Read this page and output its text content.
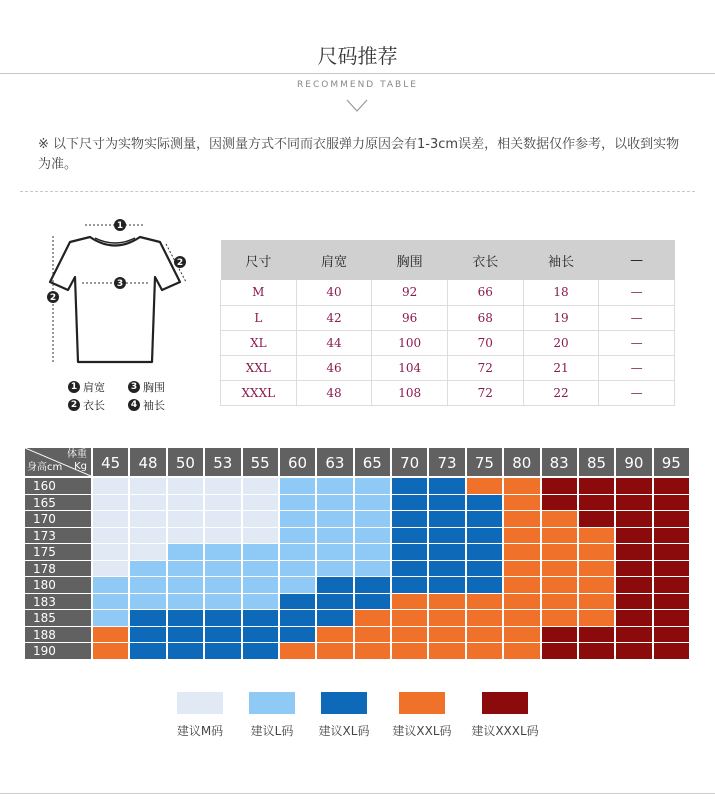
尺码推荐
RECOMMEND TABLE
※ 以下尺寸为实物实际测量，因测量方式不同而衣服弹力原因会有1-3cm误差，相关数据仅作参考，以收到实物为准。
1
3
2
2
1 肩宽	3 胸围
2 衣长	4 袖长
尺寸	肩宽	胸围	衣长	袖长	—
M	40	92	66	18	—
L	42	96	68	19	—
XL	44	100	70	20	—
XXL	46	104	72	21	—
XXXL	48	108	72	22	—
体重
Kg
身高cm	45	48	50	53	55	60	63	65	70	73	75	80	83	85	90	95
160
165
170
173
175
178
180
183
185
188
190
建议M码	建议L码	建议XL码	建议XXL码	建议XXXL码
